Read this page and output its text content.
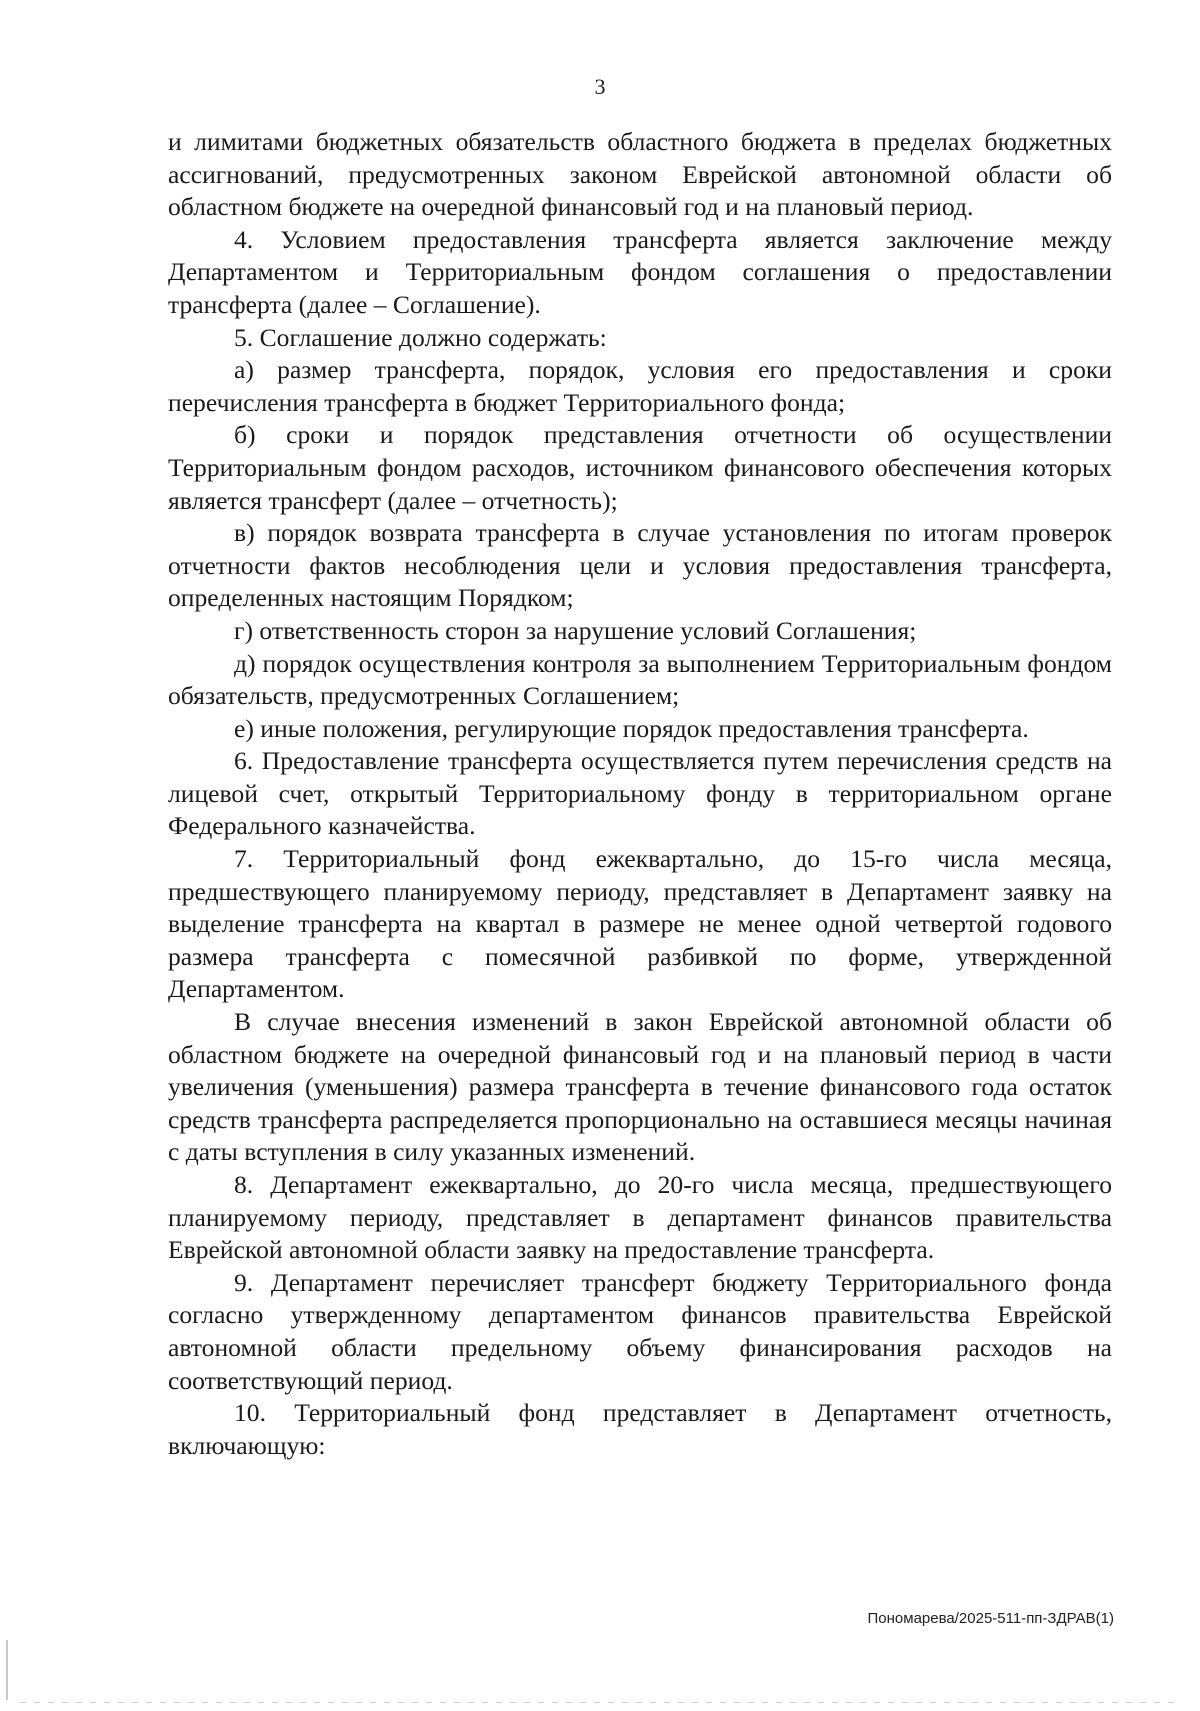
3

и лимитами бюджетных обязательств областного бюджета в пределах бюджетных ассигнований, предусмотренных законом Еврейской автономной области об областном бюджете на очередной финансовый год и на плановый период.

4. Условием предоставления трансферта является заключение между Департаментом и Территориальным фондом соглашения о предоставлении трансферта (далее – Соглашение).

5. Соглашение должно содержать:

а) размер трансферта, порядок, условия его предоставления и сроки перечисления трансферта в бюджет Территориального фонда;

б) сроки и порядок представления отчетности об осуществлении Территориальным фондом расходов, источником финансового обеспечения которых является трансферт (далее – отчетность);

в) порядок возврата трансферта в случае установления по итогам проверок отчетности фактов несоблюдения цели и условия предоставления трансферта, определенных настоящим Порядком;

г) ответственность сторон за нарушение условий Соглашения;

д) порядок осуществления контроля за выполнением Территориальным фондом обязательств, предусмотренных Соглашением;

е) иные положения, регулирующие порядок предоставления трансферта.

6. Предоставление трансферта осуществляется путем перечисления средств на лицевой счет, открытый Территориальному фонду в территориальном органе Федерального казначейства.

7. Территориальный фонд ежеквартально, до 15-го числа месяца, предшествующего планируемому периоду, представляет в Департамент заявку на выделение трансферта на квартал в размере не менее одной четвертой годового размера трансферта с помесячной разбивкой по форме, утвержденной Департаментом.

В случае внесения изменений в закон Еврейской автономной области об областном бюджете на очередной финансовый год и на плановый период в части увеличения (уменьшения) размера трансферта в течение финансового года остаток средств трансферта распределяется пропорционально на оставшиеся месяцы начиная с даты вступления в силу указанных изменений.

8. Департамент ежеквартально, до 20-го числа месяца, предшествующего планируемому периоду, представляет в департамент финансов правительства Еврейской автономной области заявку на предоставление трансферта.

9. Департамент перечисляет трансферт бюджету Территориального фонда согласно утвержденному департаментом финансов правительства Еврейской автономной области предельному объему финансирования расходов на соответствующий период.

10. Территориальный фонд представляет в Департамент отчетность, включающую:

Пономарева/2025-511-пп-ЗДРАВ(1)
